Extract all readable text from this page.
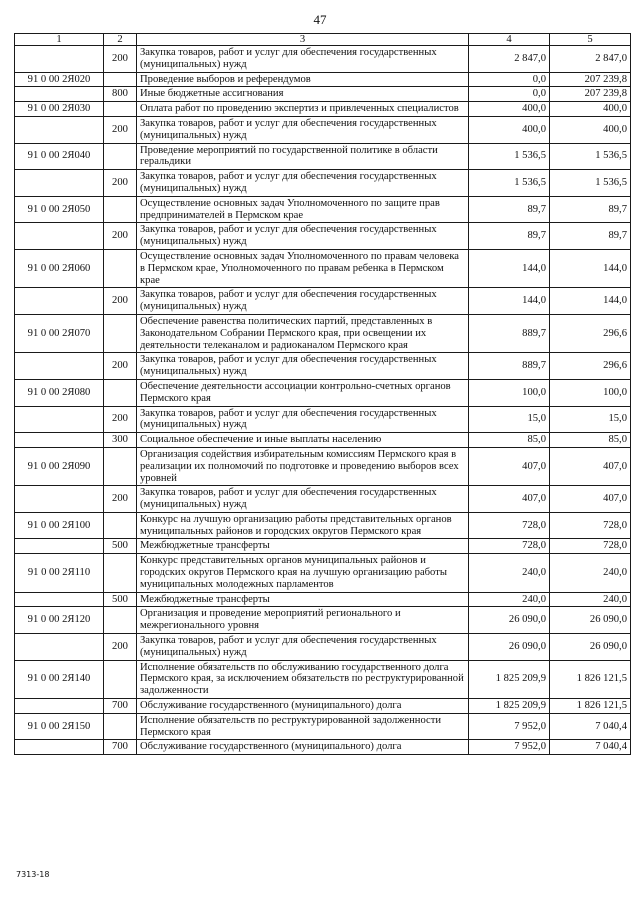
47
1	2	3	4	5
	200	Закупка товаров, работ и услуг для обеспечения государственных (муниципальных) нужд	2 847,0	2 847,0
91 0 00 2Я020		Проведение выборов и референдумов	0,0	207 239,8
	800	Иные бюджетные ассигнования	0,0	207 239,8
91 0 00 2Я030		Оплата работ по проведению экспертиз и привлеченных специалистов	400,0	400,0
	200	Закупка товаров, работ и услуг для обеспечения государственных (муниципальных) нужд	400,0	400,0
91 0 00 2Я040		Проведение мероприятий по государственной политике в области геральдики	1 536,5	1 536,5
	200	Закупка товаров, работ и услуг для обеспечения государственных (муниципальных) нужд	1 536,5	1 536,5
91 0 00 2Я050		Осуществление основных задач Уполномоченного по защите прав предпринимателей в Пермском крае	89,7	89,7
	200	Закупка товаров, работ и услуг для обеспечения государственных (муниципальных) нужд	89,7	89,7
91 0 00 2Я060		Осуществление основных задач Уполномоченного по правам человека в Пермском крае, Уполномоченного по правам ребенка в Пермском крае	144,0	144,0
	200	Закупка товаров, работ и услуг для обеспечения государственных (муниципальных) нужд	144,0	144,0
91 0 00 2Я070		Обеспечение равенства политических партий, представленных в Законодательном Собрании Пермского края, при освещении их деятельности телеканалом и радиоканалом Пермского края	889,7	296,6
	200	Закупка товаров, работ и услуг для обеспечения государственных (муниципальных) нужд	889,7	296,6
91 0 00 2Я080		Обеспечение деятельности ассоциации контрольно-счетных органов Пермского края	100,0	100,0
	200	Закупка товаров, работ и услуг для обеспечения государственных (муниципальных) нужд	15,0	15,0
	300	Социальное обеспечение и иные выплаты населению	85,0	85,0
91 0 00 2Я090		Организация содействия избирательным комиссиям Пермского края в реализации их полномочий по подготовке и проведению выборов всех уровней	407,0	407,0
	200	Закупка товаров, работ и услуг для обеспечения государственных (муниципальных) нужд	407,0	407,0
91 0 00 2Я100		Конкурс на лучшую организацию работы представительных органов муниципальных районов и городских округов Пермского края	728,0	728,0
	500	Межбюджетные трансферты	728,0	728,0
91 0 00 2Я110		Конкурс представительных органов муниципальных районов и городских округов Пермского края на лучшую организацию работы муниципальных молодежных парламентов	240,0	240,0
	500	Межбюджетные трансферты	240,0	240,0
91 0 00 2Я120		Организация и проведение мероприятий регионального и межрегионального уровня	26 090,0	26 090,0
	200	Закупка товаров, работ и услуг для обеспечения государственных (муниципальных) нужд	26 090,0	26 090,0
91 0 00 2Я140		Исполнение обязательств по обслуживанию государственного долга Пермского края, за исключением обязательств по реструктурированной задолженности	1 825 209,9	1 826 121,5
	700	Обслуживание государственного (муниципального) долга	1 825 209,9	1 826 121,5
91 0 00 2Я150		Исполнение обязательств по реструктурированной задолженности Пермского края	7 952,0	7 040,4
	700	Обслуживание государственного (муниципального) долга	7 952,0	7 040,4
7313-18
